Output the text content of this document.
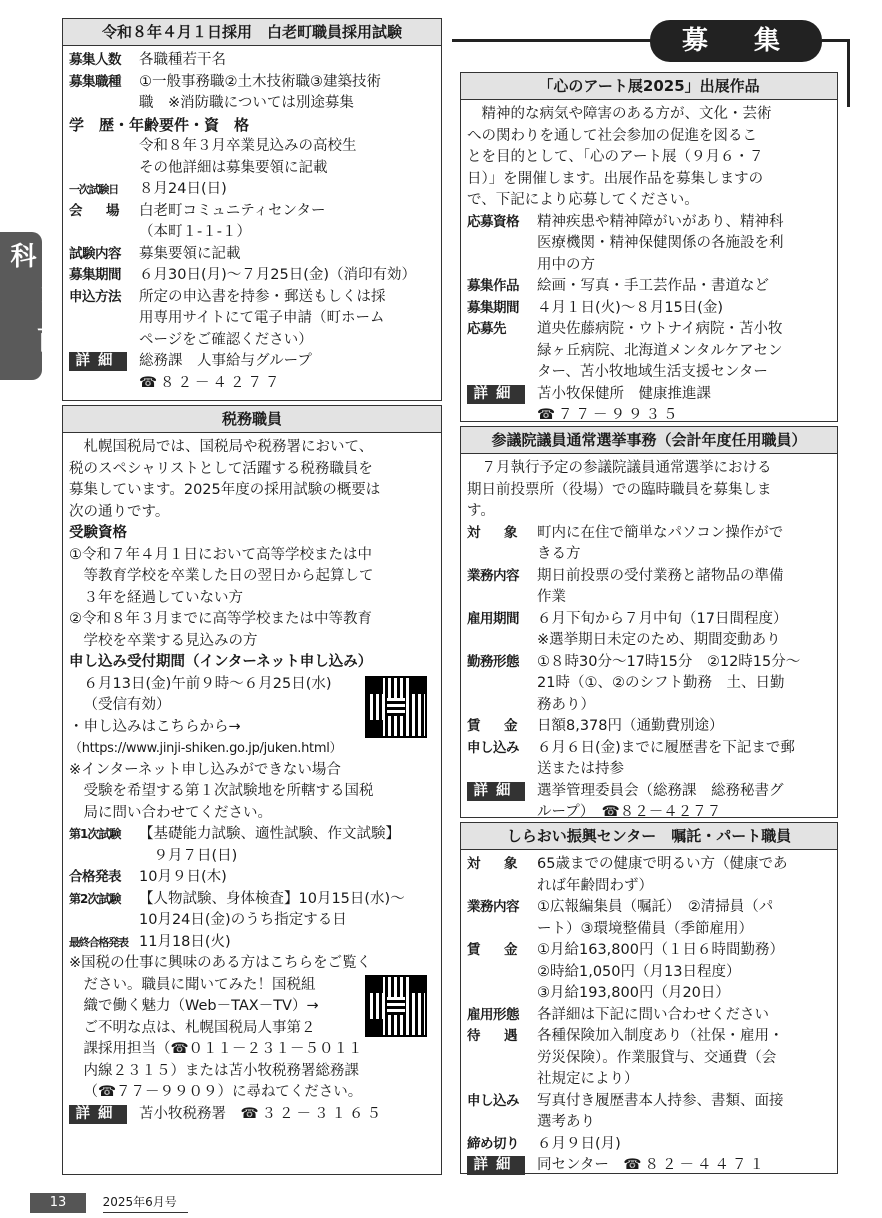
くらし百科
募　集
令和８年４月１日採用　白老町職員採用試験
募集人数	各職種若干名
募集職種	①一般事務職②土木技術職③建築技術
職　※消防職については別途募集
学　歴・年齢要件・資　格
令和８年３月卒業見込みの高校生
その他詳細は募集要領に記載
一次試験日	８月24日(日)
会　場	白老町コミュニティセンター
（本町１-１-１）
試験内容	募集要領に記載
募集期間	６月30日(月)～７月25日(金)（消印有効）
申込方法	所定の申込書を持参・郵送もしくは採
用専用サイトにて電子申請（町ホーム
ページをご確認ください）
詳細	総務課　人事給与グループ
☎８２－４２７７
税務職員
札幌国税局では、国税局や税務署において、
税のスペシャリストとして活躍する税務職員を
募集しています。2025年度の採用試験の概要は
次の通りです。
受験資格
①令和７年４月１日において高等学校または中
等教育学校を卒業した日の翌日から起算して
３年を経過していない方
②令和８年３月までに高等学校または中等教育
学校を卒業する見込みの方
申し込み受付期間（インターネット申し込み）
６月13日(金)午前９時～６月25日(水)
（受信有効）
・申し込みはこちらから→
（https://www.jinji-shiken.go.jp/juken.html）
※インターネット申し込みができない場合
受験を希望する第１次試験地を所轄する国税
局に問い合わせてください。
第1次試験	【基礎能力試験、適性試験、作文試験】
９月７日(日)
合格発表	10月９日(木)
第2次試験	【人物試験、身体検査】10月15日(水)～
10月24日(金)のうち指定する日
最終合格発表 11月18日(火)
※国税の仕事に興味のある方はこちらをご覧く
ださい。職員に聞いてみた！国税組
織で働く魅力（Web－TAX－TV）→
ご不明な点は、札幌国税局人事第２
課採用担当（☎０１１－２３１－５０１１
内線２３１５）または苫小牧税務署総務課
（☎７７－９９０９）に尋ねてください。
詳細	苫小牧税務署　 ☎３２－３１６５
「心のアート展2025」出展作品
精神的な病気や障害のある方が、文化・芸術
への関わりを通して社会参加の促進を図るこ
とを目的として、「心のアート展（９月６・７
日）」を開催します。出展作品を募集しますの
で、下記により応募してください。
応募資格	精神疾患や精神障がいがあり、精神科
医療機関・精神保健関係の各施設を利
用中の方
募集作品	絵画・写真・手工芸作品・書道など
募集期間	４月１日(火)～８月15日(金)
応募先	道央佐藤病院・ウトナイ病院・苫小牧
緑ヶ丘病院、北海道メンタルケアセン
ター、苫小牧地域生活支援センター
詳細	苫小牧保健所　健康推進課
☎７７－９９３５
参議院議員通常選挙事務（会計年度任用職員）
７月執行予定の参議院議員通常選挙における
期日前投票所（役場）での臨時職員を募集しま
す。
対　象	町内に在住で簡単なパソコン操作がで
きる方
業務内容	期日前投票の受付業務と諸物品の準備
作業
雇用期間	６月下旬から７月中旬（17日間程度）
※選挙期日未定のため、期間変動あり
勤務形態	①８時30分～17時15分　②12時15分～
21時（①、②のシフト勤務　土、日勤
務あり）
賃　金	日額8,378円（通勤費別途）
申し込み	６月６日(金)までに履歴書を下記まで郵
送または持参
詳細	選挙管理委員会（総務課　総務秘書グ
ループ）　☎８２－４２７７
しらおい振興センター　嘱託・パート職員
対　象	65歳までの健康で明るい方（健康であ
れば年齢問わず）
業務内容	①広報編集員（嘱託）　②清掃員（パ
ート）③環境整備員（季節雇用）
賃　金	①月給163,800円（１日６時間勤務）
②時給1,050円（月13日程度）
③月給193,800円（月20日）
雇用形態	各詳細は下記に問い合わせください
待　遇	各種保険加入制度あり（社保・雇用・
労災保険）。作業服貸与、交通費（会
社規定により）
申し込み	写真付き履歴書本人持参、書類、面接
選考あり
締め切り	６月９日(月)
詳細	同センター　 ☎８２－４４７１
13	2025年6月号
